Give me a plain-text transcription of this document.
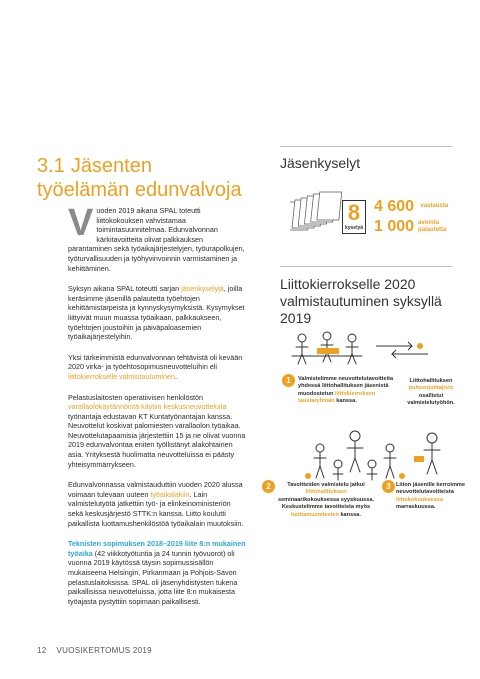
3.1 Jäsenten työelämän edunvalvoja

Vuoden 2019 aikana SPAL toteutti liittokokouksen vahvistamaa toimintasuunnitelmaa. Edunvalvonnan kärkitavoitteita olivat palkkauksen parantaminen sekä työaikajärjestelyjen, työurapolkujen, työturvallisuuden ja työhyvinvoinnin varmistaminen ja kehittäminen.

Syksyn aikana SPAL toteutti sarjan jäsenkyselyjä, joilla keräsimme jäsenillä palautetta työehtojen kehittämistarpeista ja kynnyskysymyksistä. Kysymykset liittyivät muun muassa työaikaan, palkkaukseen, työehtojen joustoihin ja päiväpaloasemien työaikajärjestelyihin.

Yksi tärkeimmistä edunvalvonnan tehtävistä oli kevään 2020 virka- ja työehtosopimusneuvotteluihin eli liittokierrokselle valmistautuminen.

Pelastuslaitosten operatiivisen henkilöstön varallaolokäytännöistä käytiin keskusneuvotteluita työnantaja edustavan KT Kuntatyönantajan kanssa. Neuvottelut koskivat palomiesten varallaolon työaikaa. Neuvottelutapaamisia järjestettiin 15 ja ne olivat vuonna 2019 edunvalvontaa eniten työllistänyt alakohtainen asia. Yrityksestä huolimatta neuvotteluissa ei päästy yhteisymmärrykseen.

Edunvalvonnassa valmistauduttiin vuoden 2020 alussa voimaan tulevaan uuteen työaikalakiin. Lain valmistelutyötä jatkettiin työ- ja elinkeinoministeriön sekä keskusjärjestö STTK:n kanssa. Liitto koulutti paikallista luottamushenkilöstöä työaikalain muutoksiin.

Teknisten sopimuksen 2018–2019 liite 8:n mukainen työaika (42 viikkotyötuntia ja 24 tunnin työvuorot) oli vuonna 2019 käytössä täysin sopimussisällön mukaiseena Helsingin, Pirkanmaan ja Pohjois-Savon pelastuslaitoksissa. SPAL oli jäsenyhdistysten tukena paikallisissa neuvotteluissa, jotta liite 8:n mukaisesta työajasta pystyttiin sopimaan paikallisesti.

Jäsenkyselyt
8
kyselyä
4 600 vastausta
1 000 avointa
palautetta
Liittokierrokselle 2020 valmistautuminen syksyllä 2019
1	Valmistelimme neuvottelutavoitteita yhdessä liittohallituksen jäsenistä muodostetun liittokierroksen taustaryhmän kanssa.
Liittohallituksen puheenjohtajisto osallistui valmistelutyöhön.
2	Tavoitteiden valmistelu jatkui liittohallituksen seminaarikokouksessa syyskuussa. Keskustelimme tavoitteista myös luottamusmiesten kanssa.
3 Liiton jäsenille kerroimme neuvottelutavoitteista liittokokouksessa marraskuussa.
12 VUOSIKERTOMUS 2019
